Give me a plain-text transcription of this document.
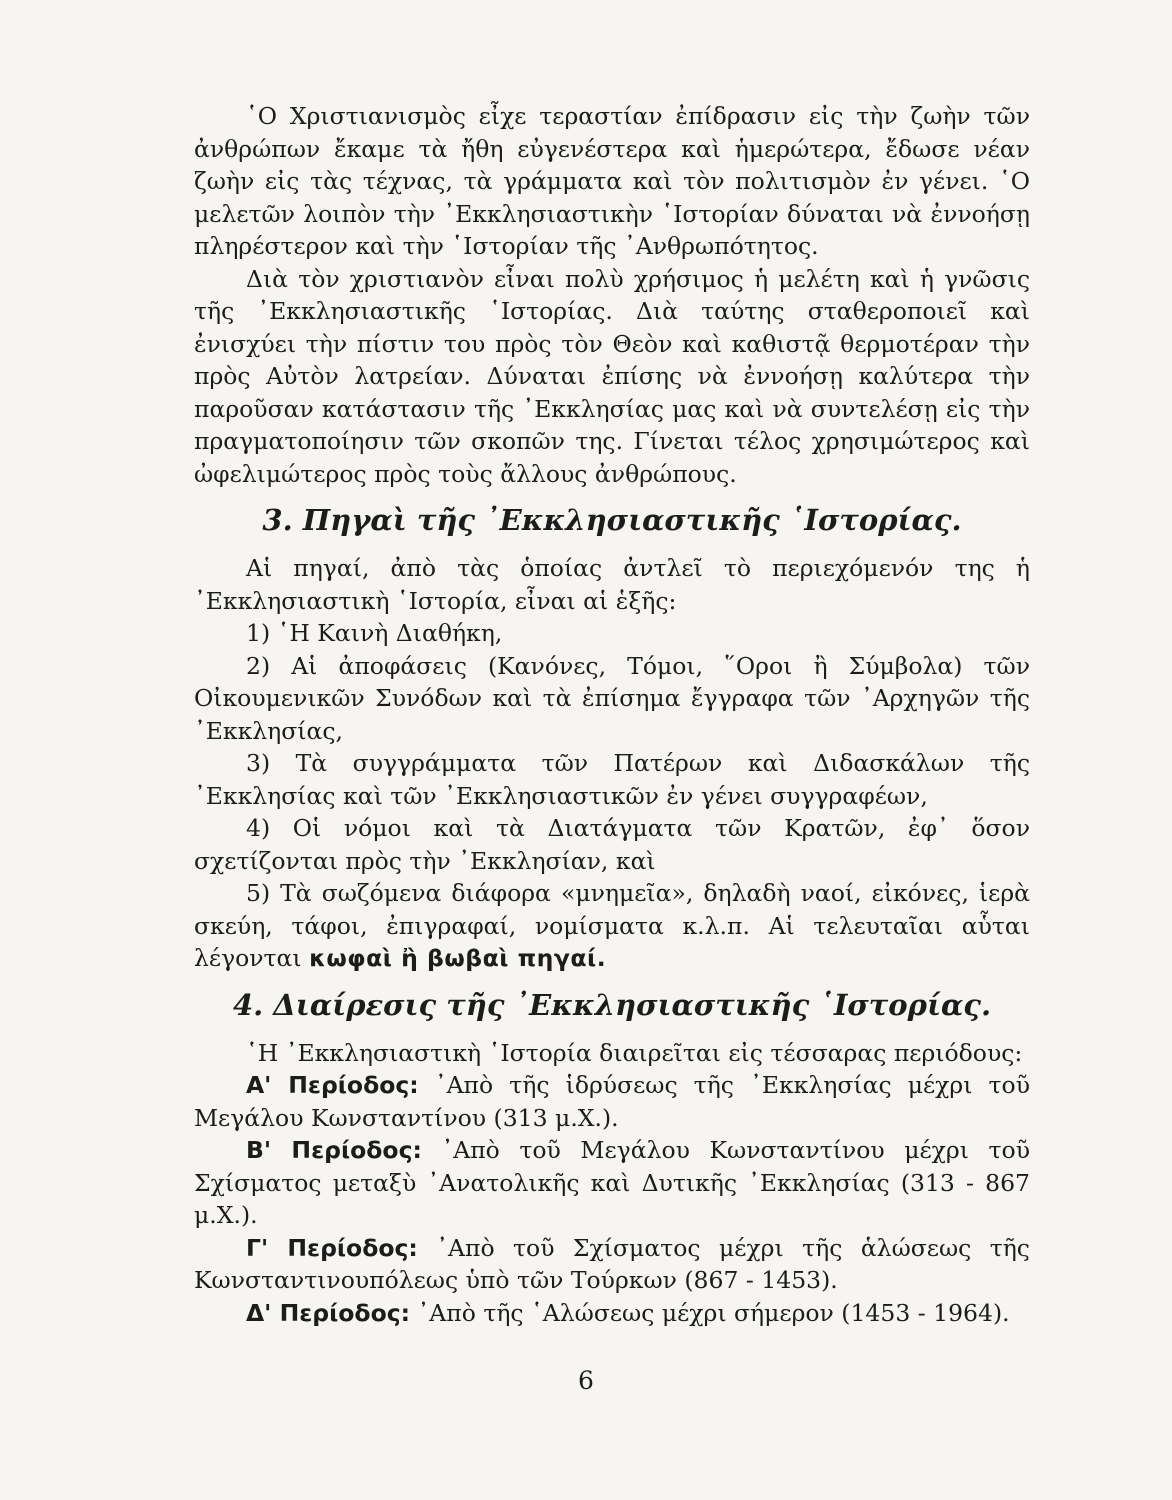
῾Ο Χριστιανισμὸς εἶχε τεραστίαν ἐπίδρασιν εἰς τὴν ζωὴν τῶν ἀνθρώπων ἔκαμε τὰ ἤθη εὐγενέστερα καὶ ἡμερώτερα, ἔδωσε νέαν ζωὴν εἰς τὰς τέχνας, τὰ γράμματα καὶ τὸν πολιτισμὸν ἐν γένει. ῾Ο μελετῶν λοιπὸν τὴν ᾿Εκκλησιαστικὴν ῾Ιστορίαν δύναται νὰ ἐννοήσῃ πληρέστερον καὶ τὴν ῾Ιστορίαν τῆς ᾿Ανθρωπότητος.

Διὰ τὸν χριστιανὸν εἶναι πολὺ χρήσιμος ἡ μελέτη καὶ ἡ γνῶσις τῆς ᾿Εκκλησιαστικῆς ῾Ιστορίας. Διὰ ταύτης σταθεροποιεῖ καὶ ἐνισχύει τὴν πίστιν του πρὸς τὸν Θεὸν καὶ καθιστᾷ θερμοτέραν τὴν πρὸς Αὐτὸν λατρείαν. Δύναται ἐπίσης νὰ ἐννοήσῃ καλύτερα τὴν παροῦσαν κατάστασιν τῆς ᾿Εκκλησίας μας καὶ νὰ συντελέσῃ εἰς τὴν πραγματοποίησιν τῶν σκοπῶν της. Γίνεται τέλος χρησιμώτερος καὶ ὠφελιμώτερος πρὸς τοὺς ἄλλους ἀνθρώπους.

3. Πηγαὶ τῆς ᾿Εκκλησιαστικῆς ῾Ιστορίας.

Αἱ πηγαί, ἀπὸ τὰς ὁποίας ἀντλεῖ τὸ περιεχόμενόν της ἡ ᾿Εκκλησιαστικὴ ῾Ιστορία, εἶναι αἱ ἑξῆς:

1) ῾Η Καινὴ Διαθήκη,

2) Αἱ ἀποφάσεις (Κανόνες, Τόμοι, ῞Οροι ἢ Σύμβολα) τῶν Οἰκουμενικῶν Συνόδων καὶ τὰ ἐπίσημα ἔγγραφα τῶν ᾿Αρχηγῶν τῆς ᾿Εκκλησίας,

3) Τὰ συγγράμματα τῶν Πατέρων καὶ Διδασκάλων τῆς ᾿Εκκλησίας καὶ τῶν ᾿Εκκλησιαστικῶν ἐν γένει συγγραφέων,

4) Οἱ νόμοι καὶ τὰ Διατάγματα τῶν Κρατῶν, ἐφ᾿ ὅσον σχετίζονται πρὸς τὴν ᾿Εκκλησίαν, καὶ

5) Τὰ σωζόμενα διάφορα «μνημεῖα», δηλαδὴ ναοί, εἰκόνες, ἱερὰ σκεύη, τάφοι, ἐπιγραφαί, νομίσματα κ.λ.π. Αἱ τελευταῖαι αὗται λέγονται κωφαὶ ἢ βωβαὶ πηγαί.

4. Διαίρεσις τῆς ᾿Εκκλησιαστικῆς ῾Ιστορίας.

῾Η ᾿Εκκλησιαστικὴ ῾Ιστορία διαιρεῖται εἰς τέσσαρας περιόδους:

Α' Περίοδος: ᾿Απὸ τῆς ἱδρύσεως τῆς ᾿Εκκλησίας μέχρι τοῦ Μεγάλου Κωνσταντίνου (313 μ.Χ.).

Β' Περίοδος: ᾿Απὸ τοῦ Μεγάλου Κωνσταντίνου μέχρι τοῦ Σχίσματος μεταξὺ ᾿Ανατολικῆς καὶ Δυτικῆς ᾿Εκκλησίας (313 - 867 μ.Χ.).

Γ' Περίοδος: ᾿Απὸ τοῦ Σχίσματος μέχρι τῆς ἁλώσεως τῆς Κωνσταντινουπόλεως ὑπὸ τῶν Τούρκων (867 - 1453).

Δ' Περίοδος: ᾿Απὸ τῆς ῾Αλώσεως μέχρι σήμερον (1453 - 1964).

6
